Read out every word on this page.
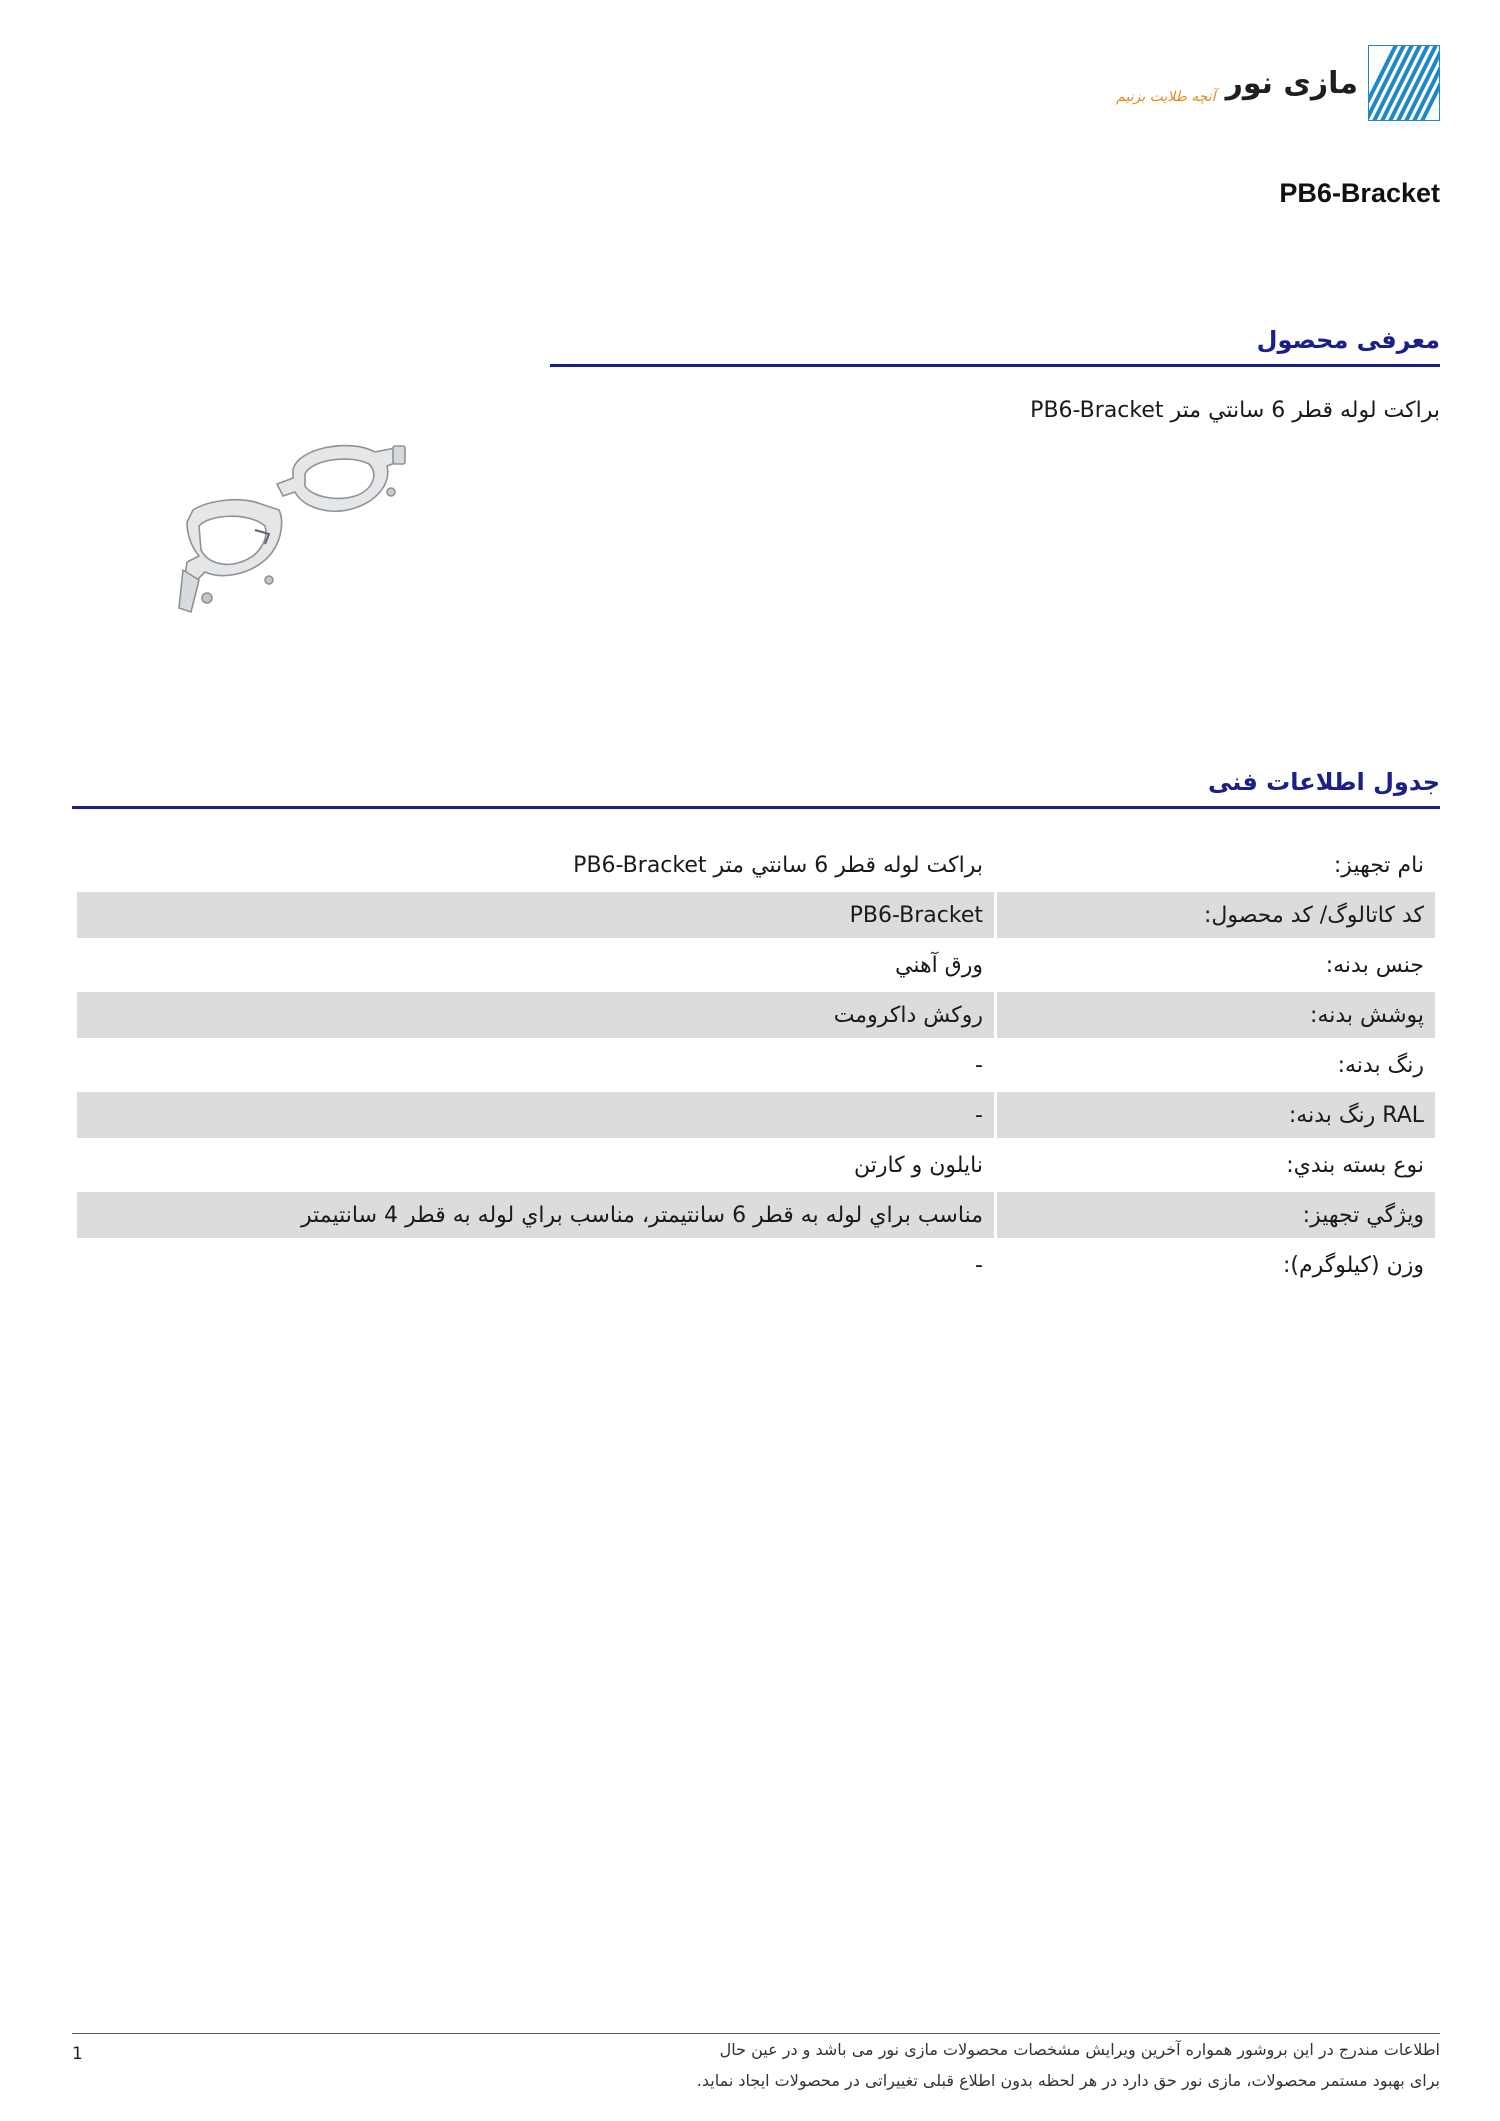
آنچه طلایت بزنیم مازی نور
PB6-Bracket
معرفی محصول
براکت لوله قطر 6 سانتي متر PB6-Bracket
جدول اطلاعات فنی
نام تجهیز:	براکت لوله قطر 6 سانتي متر PB6-Bracket
کد کاتالوگ/ کد محصول:	PB6-Bracket
جنس بدنه:	ورق آهني
پوشش بدنه:	روکش داکرومت
رنگ بدنه:	-
RAL رنگ بدنه:	-
نوع بسته بندي:	نايلون و کارتن
ويژگي تجهیز:	مناسب براي لوله به قطر 6 سانتيمتر، مناسب براي لوله به قطر 4 سانتيمتر
وزن (کیلوگرم):	-
1	اطلاعات مندرج در این بروشور همواره آخرین ویرایش مشخصات محصولات مازی نور می باشد و در عین حال
برای بهبود مستمر محصولات، مازی نور حق دارد در هر لحظه بدون اطلاع قبلی تغییراتی در محصولات ایجاد نماید.
